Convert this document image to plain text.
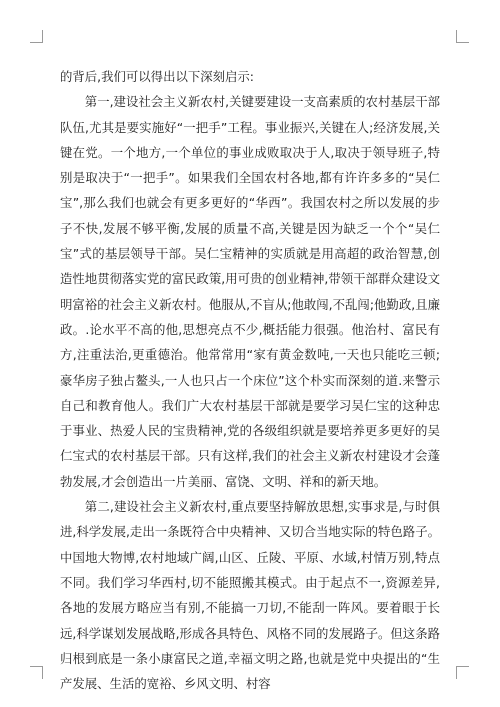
的背后,我们可以得出以下深刻启示:

第一,建设社会主义新农村,关键要建设一支高素质的农村基层干部队伍,尤其是要实施好“一把手”工程。事业振兴,关键在人;经济发展,关键在党。一个地方,一个单位的事业成败取决于人,取决于领导班子,特别是取决于“一把手”。如果我们全国农村各地,都有许许多多的“吴仁宝”,那么我们也就会有更多更好的“华西”。我国农村之所以发展的步子不快,发展不够平衡,发展的质量不高,关键是因为缺乏一个个“吴仁宝”式的基层领导干部。吴仁宝精神的实质就是用高超的政治智慧,创造性地贯彻落实党的富民政策,用可贵的创业精神,带领干部群众建设文明富裕的社会主义新农村。他服从,不盲从;他敢闯,不乱闯;他勤政,且廉政。.论水平不高的他,思想亮点不少,概括能力很强。他治村、富民有方,注重法治,更重德治。他常常用“家有黄金数吨,一天也只能吃三顿;豪华房子独占鳌头,一人也只占一个床位”这个朴实而深刻的道.来警示自己和教育他人。我们广大农村基层干部就是要学习吴仁宝的这种忠于事业、热爱人民的宝贵精神,党的各级组织就是要培养更多更好的吴仁宝式的农村基层干部。只有这样,我们的社会主义新农村建设才会蓬勃发展,才会创造出一片美丽、富饶、文明、祥和的新天地。

第二,建设社会主义新农村,重点要坚持解放思想,实事求是,与时俱进,科学发展,走出一条既符合中央精神、又切合当地实际的特色路子。中国地大物博,农村地域广阔,山区、丘陵、平原、水域,村情万别,特点不同。我们学习华西村,切不能照搬其模式。由于起点不一,资源差异,各地的发展方略应当有别,不能搞一刀切,不能刮一阵风。要着眼于长远,科学谋划发展战略,形成各具特色、风格不同的发展路子。但这条路归根到底是一条小康富民之道,幸福文明之路,也就是党中央提出的“生产发展、生活的宽裕、乡风文明、村容
